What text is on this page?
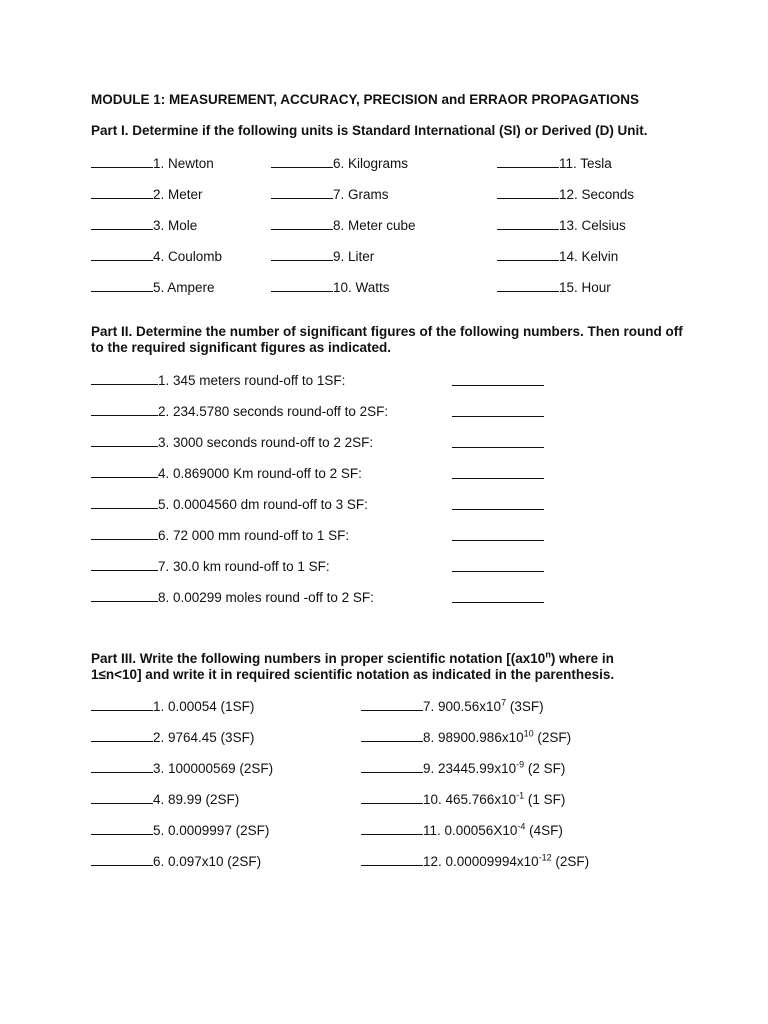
MODULE 1: MEASUREMENT, ACCURACY, PRECISION and ERRAOR PROPAGATIONS
Part I. Determine if the following units is Standard International (SI) or Derived (D) Unit.
1. Newton
2. Meter
3. Mole
4. Coulomb
5. Ampere
6. Kilograms
7. Grams
8. Meter cube
9. Liter
10. Watts
11. Tesla
12. Seconds
13. Celsius
14. Kelvin
15. Hour
Part II. Determine the number of significant figures of the following numbers. Then round off to the required significant figures as indicated.
1. 345 meters round-off to 1SF:
2. 234.5780 seconds round-off to 2SF:
3. 3000 seconds round-off to 2 2SF:
4. 0.869000 Km round-off to 2 SF:
5. 0.0004560 dm round-off to 3 SF:
6. 72 000 mm round-off to 1 SF:
7. 30.0 km round-off to 1 SF:
8. 0.00299 moles round -off to 2 SF:
Part III. Write the following numbers in proper scientific notation [(ax10$^n$) where in 1≤n<10] and write it in required scientific notation as indicated in the parenthesis.
1. 0.00054 (1SF)
2. 9764.45 (3SF)
3. 100000569 (2SF)
4. 89.99 (2SF)
5. 0.0009997 (2SF)
6. 0.097x10 (2SF)
7. $900.56x10^7$ (3SF)
8. $98900.986x10^{10}$ (2SF)
9. $23445.99x10^{-9}$ (2 SF)
10. $465.766x10^{-1}$ (1 SF)
11. $0.00056X10^{-4}$ (4SF)
12. $0.00009994x10^{-12}$ (2SF)
